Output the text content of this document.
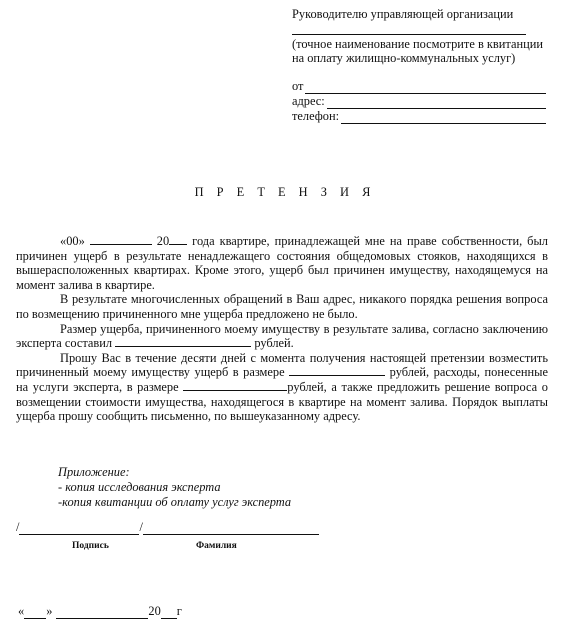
Руководителю управляющей организации
(точное наименование посмотрите в квитанции на оплату жилищно-коммунальных услуг)
от
адрес:
телефон:
П Р Е Т Е Н З И Я

«00»	20 года квартире, принадлежащей мне на праве собственности, был причинен ущерб в результате ненадлежащего состояния общедомовых стояков, находящихся в вышерасположенных квартирах. Кроме этого, ущерб был причинен имуществу, находящемуся на момент залива в квартире.

В результате многочисленных обращений в Ваш адрес, никакого порядка решения вопроса по возмещению причиненного мне ущерба предложено не было.

Размер ущерба, причиненного моему имуществу в результате залива, согласно заключению эксперта составил	рублей.

Прошу Вас в течение десяти дней с момента получения настоящей претензии возместить причиненный моему имуществу ущерб в размере	рублей, расходы, понесенные на услуги эксперта, в размере	рублей, а также предложить решение вопроса о возмещении стоимости имущества, находящегося в квартире на момент залива. Порядок выплаты ущерба прошу сообщить письменно, по вышеуказанному адресу.

Приложение:
- копия исследования эксперта
-копия квитанции об оплату услуг эксперта
/	/
Подпись	Фамилия
« »	20 г
